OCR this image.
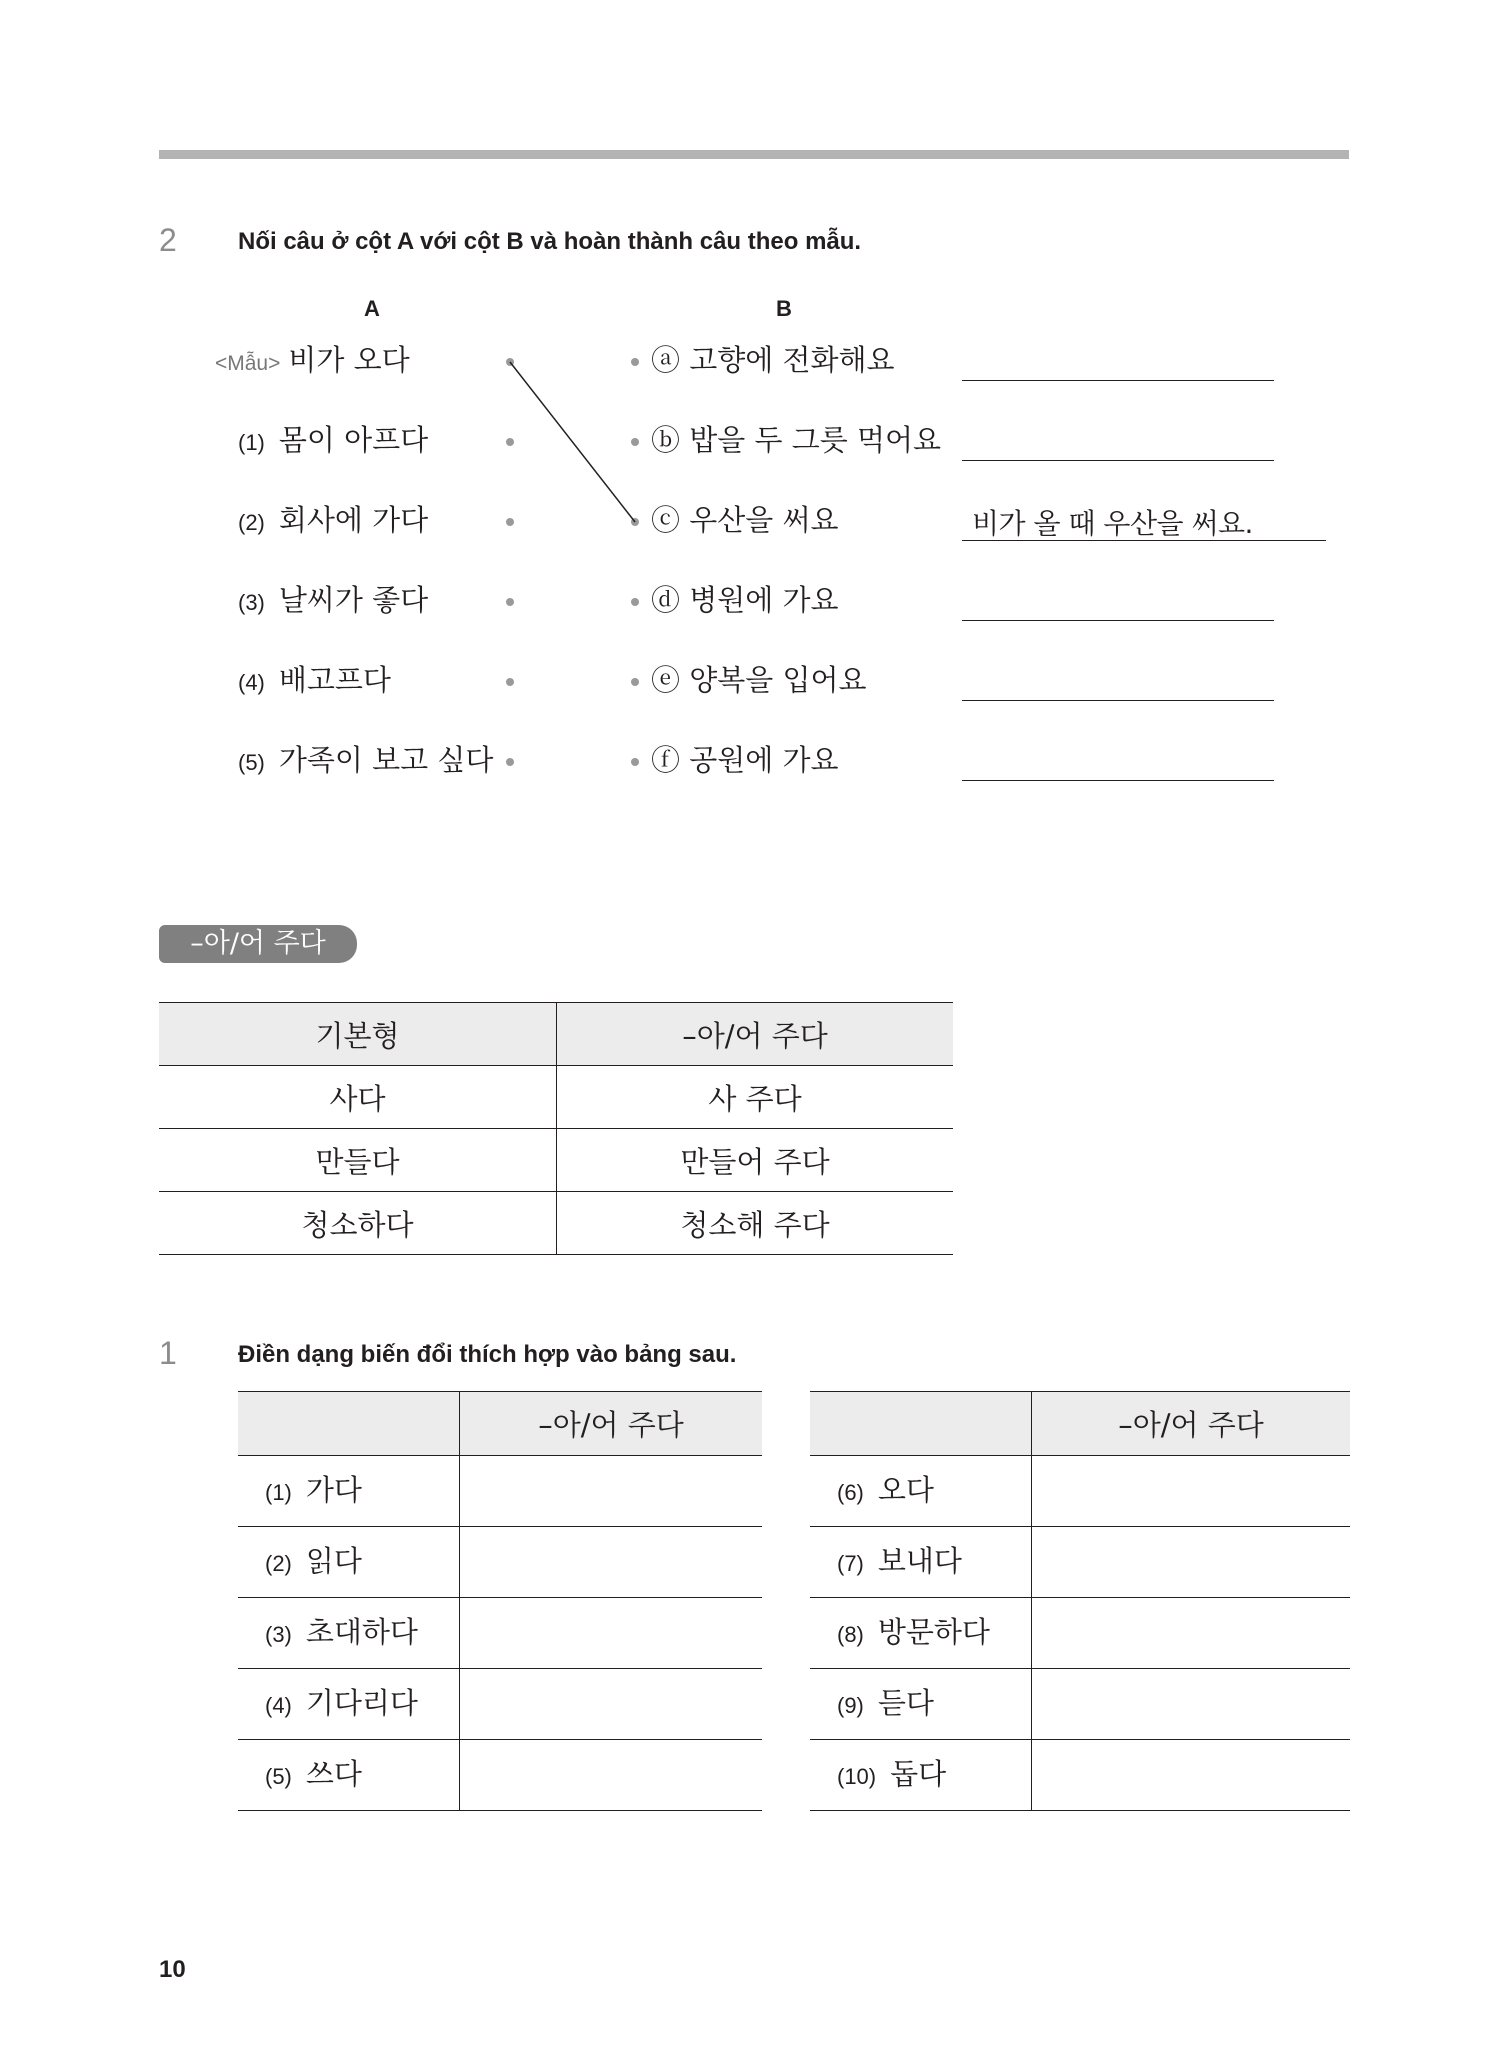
2	Nối câu ở cột A với cột B và hoàn thành câu theo mẫu.
A	B
<Mẫu> 비가 오다
(1) 몸이 아프다
(2) 회사에 가다
(3) 날씨가 좋다
(4) 배고프다
(5) 가족이 보고 싶다
ⓐ 고향에 전화해요
ⓑ 밥을 두 그릇 먹어요
ⓒ 우산을 써요
ⓓ 병원에 가요
ⓔ 양복을 입어요
ⓕ 공원에 가요
비가 올 때 우산을 써요.
–아/어 주다
기본형	–아/어 주다
사다	사 주다
만들다	만들어 주다
청소하다	청소해 주다
1	Điền dạng biến đổi thích hợp vào bảng sau.
	–아/어 주다
(1) 가다	
(2) 읽다	
(3) 초대하다	
(4) 기다리다	
(5) 쓰다	
	–아/어 주다
(6) 오다	
(7) 보내다	
(8) 방문하다	
(9) 듣다	
(10) 돕다	
10
